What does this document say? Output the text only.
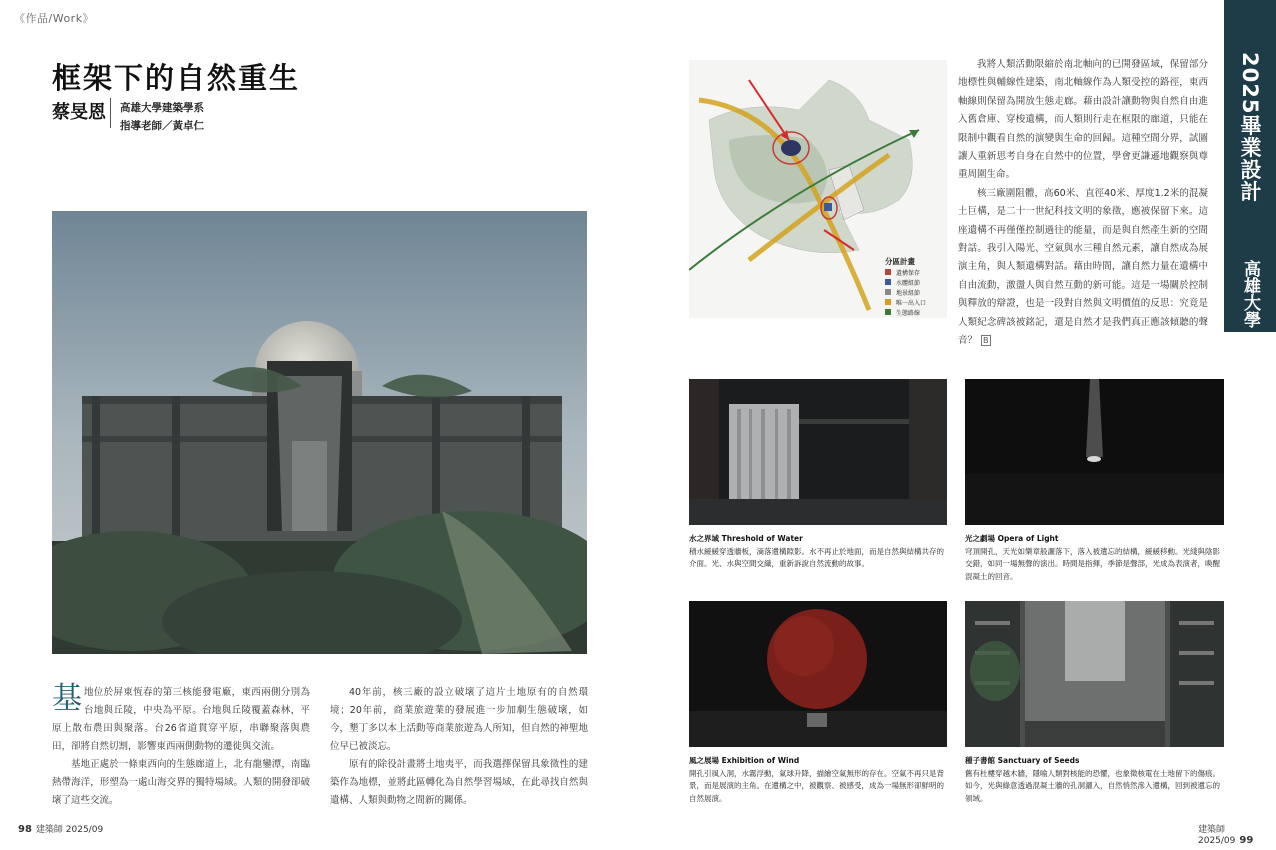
《作品/Work》
框架下的自然重生
蔡旻恩 高雄大學建築學系
指導老師／黃卓仁

基地位於屏東恆春的第三核能發電廠，東西兩側分別為台地與丘陵，中央為平原。台地與丘陵覆蓋森林，平原上散布農田與聚落。台26省道貫穿平原，串聯聚落與農田，卻將自然切割，影響東西兩側動物的遷徙與交流。

基地正處於一條東西向的生態廊道上，北有龍鑾潭，南臨熱帶海洋，形塑為一處山海交界的獨特場域。人類的開發卻破壞了這些交流。

40年前，核三廠的設立破壞了這片土地原有的自然環境；20年前，商業旅遊業的發展進一步加劇生態破壞，如今，墾丁多以本上活動等商業旅遊為人所知，但自然的神聖地位早已被淡忘。

原有的除役計畫將土地夷平，而我選擇保留具象徵性的建築作為地標，並將此區轉化為自然學習場域，在此尋找自然與遺構、人類與動物之間新的關係。

98 建築師 2025/09
2025畢業設計
高雄大學
分區計畫
遺構保存
水體組節
地景組節
唯一出入口
生態路線

我將人類活動限縮於南北軸向的已開發區域，保留部分地標性與輔線性建築，南北軸線作為人類受控的路徑，東西軸線則保留為開放生態走廊。藉由設計讓動物與自然自由進入舊倉庫、穿梭遺構，而人類則行走在框限的廊道，只能在限制中觀看自然的演變與生命的回歸。這種空間分界，試圖讓人重新思考自身在自然中的位置，學會更謙遜地觀察與尊重周圍生命。

核三廠圍阻體，高60米、直徑40米、厚度1.2米的混凝土巨構，是二十一世紀科技文明的象徵，應被保留下來。這座遺構不再僅僅控制過往的能量，而是與自然產生新的空間對話。我引入陽光、空氣與水三種自然元素，讓自然成為展演主角，與人類遺構對話。藉由時間，讓自然力量在遺構中自由流動，激盪人與自然互動的新可能。這是一場關於控制與釋放的辯證，也是一段對自然與文明價值的反思：究竟是人類紀念碑該被銘記，還是自然才是我們真正應該傾聽的聲音？ B

水之界域 Threshold of Water
積水緩緩穿透牆板，滴落遺構隙影。水不再止於地面，而是自然與結構共存的介面。光、水與空間交織，重新訴說自然流動的故事。
光之劇場 Opera of Light
穹頂開孔，天光如樂章般灑落下，落入被遺忘的結構，緩緩移動。光綫與陰影交錯，如同一場無聲的演出。時間是指揮，季節是聲部，光成為表演者，喚醒混凝土的回音。
風之展場 Exhibition of Wind
開孔引風入洞，水霧浮動，氣球升降，描繪空氣無形的存在。空氣不再只是背景，而是展演的主角。在遺構之中，被觀察、被感受，成為一場無形卻鮮明的自然展演。
種子書館 Sanctuary of Seeds
舊有杜樓穿越木牆，隱喻人類對核能的恐懼，也象徵核電在土地留下的傷痕。如今，光與綠意透過混凝土牆的孔洞灑入，自然悄然滲入遺構，回到被遺忘的領域。
建築師 2025/09 99
